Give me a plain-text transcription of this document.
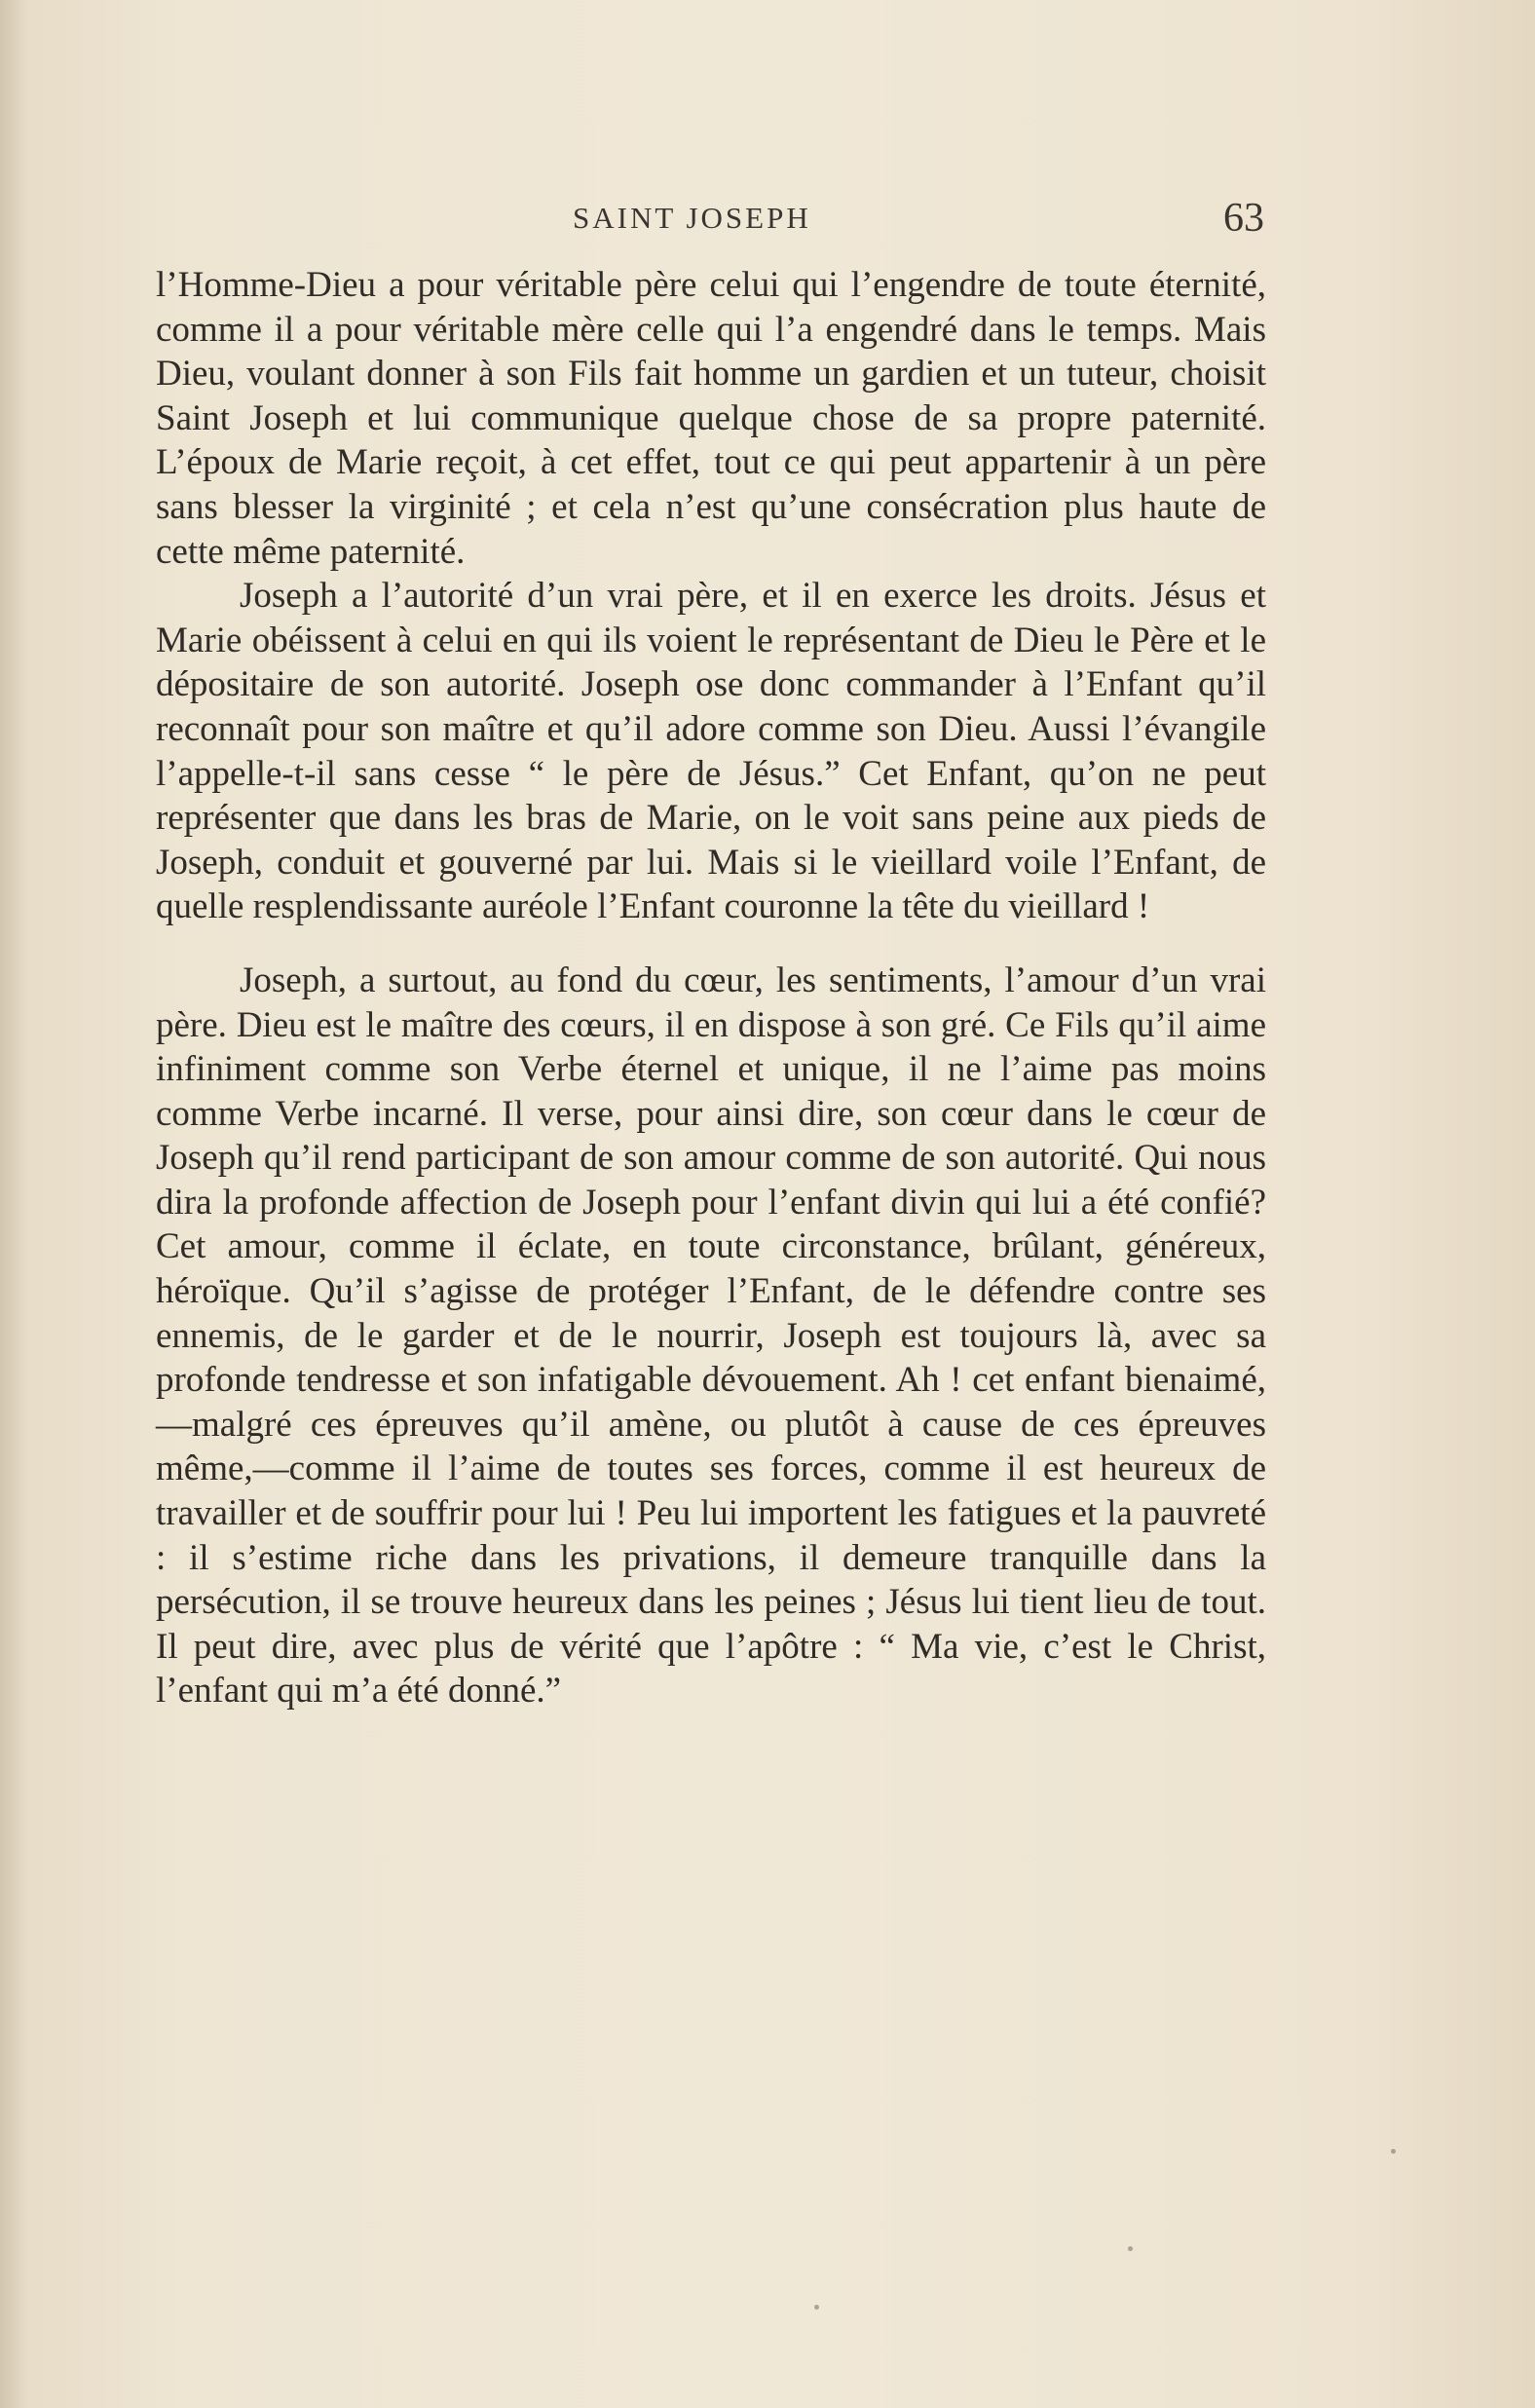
SAINT JOSEPH	63

l’Homme-Dieu a pour véritable père celui qui l’engendre de toute éternité, comme il a pour véritable mère celle qui l’a engendré dans le temps. Mais Dieu, voulant donner à son Fils fait homme un gardien et un tuteur, choisit Saint Joseph et lui communique quelque chose de sa propre paternité. L’époux de Marie reçoit, à cet effet, tout ce qui peut appartenir à un père sans blesser la virginité ; et cela n’est qu’une consécration plus haute de cette même paternité.

Joseph a l’autorité d’un vrai père, et il en exerce les droits. Jésus et Marie obéissent à celui en qui ils voient le représentant de Dieu le Père et le dépositaire de son autorité. Joseph ose donc commander à l’Enfant qu’il reconnaît pour son maître et qu’il adore comme son Dieu. Aussi l’évangile l’appelle-t-il sans cesse “ le père de Jésus.” Cet Enfant, qu’on ne peut représenter que dans les bras de Marie, on le voit sans peine aux pieds de Joseph, conduit et gouverné par lui. Mais si le vieillard voile l’Enfant, de quelle resplendissante auréole l’Enfant couronne la tête du vieillard !

Joseph, a surtout, au fond du cœur, les sentiments, l’amour d’un vrai père. Dieu est le maître des cœurs, il en dispose à son gré. Ce Fils qu’il aime infiniment comme son Verbe éternel et unique, il ne l’aime pas moins comme Verbe incarné. Il verse, pour ainsi dire, son cœur dans le cœur de Joseph qu’il rend participant de son amour comme de son autorité. Qui nous dira la profonde affection de Joseph pour l’enfant divin qui lui a été confié? Cet amour, comme il éclate, en toute circonstance, brûlant, généreux, héroïque. Qu’il s’agisse de protéger l’Enfant, de le défendre contre ses ennemis, de le garder et de le nourrir, Joseph est toujours là, avec sa profonde tendresse et son infatigable dévouement. Ah ! cet enfant bienaimé, —malgré ces épreuves qu’il amène, ou plutôt à cause de ces épreuves même,—comme il l’aime de toutes ses forces, comme il est heureux de travailler et de souffrir pour lui ! Peu lui importent les fatigues et la pauvreté : il s’estime riche dans les privations, il demeure tranquille dans la persécution, il se trouve heureux dans les peines ; Jésus lui tient lieu de tout. Il peut dire, avec plus de vérité que l’apôtre : “ Ma vie, c’est le Christ, l’enfant qui m’a été donné.”
